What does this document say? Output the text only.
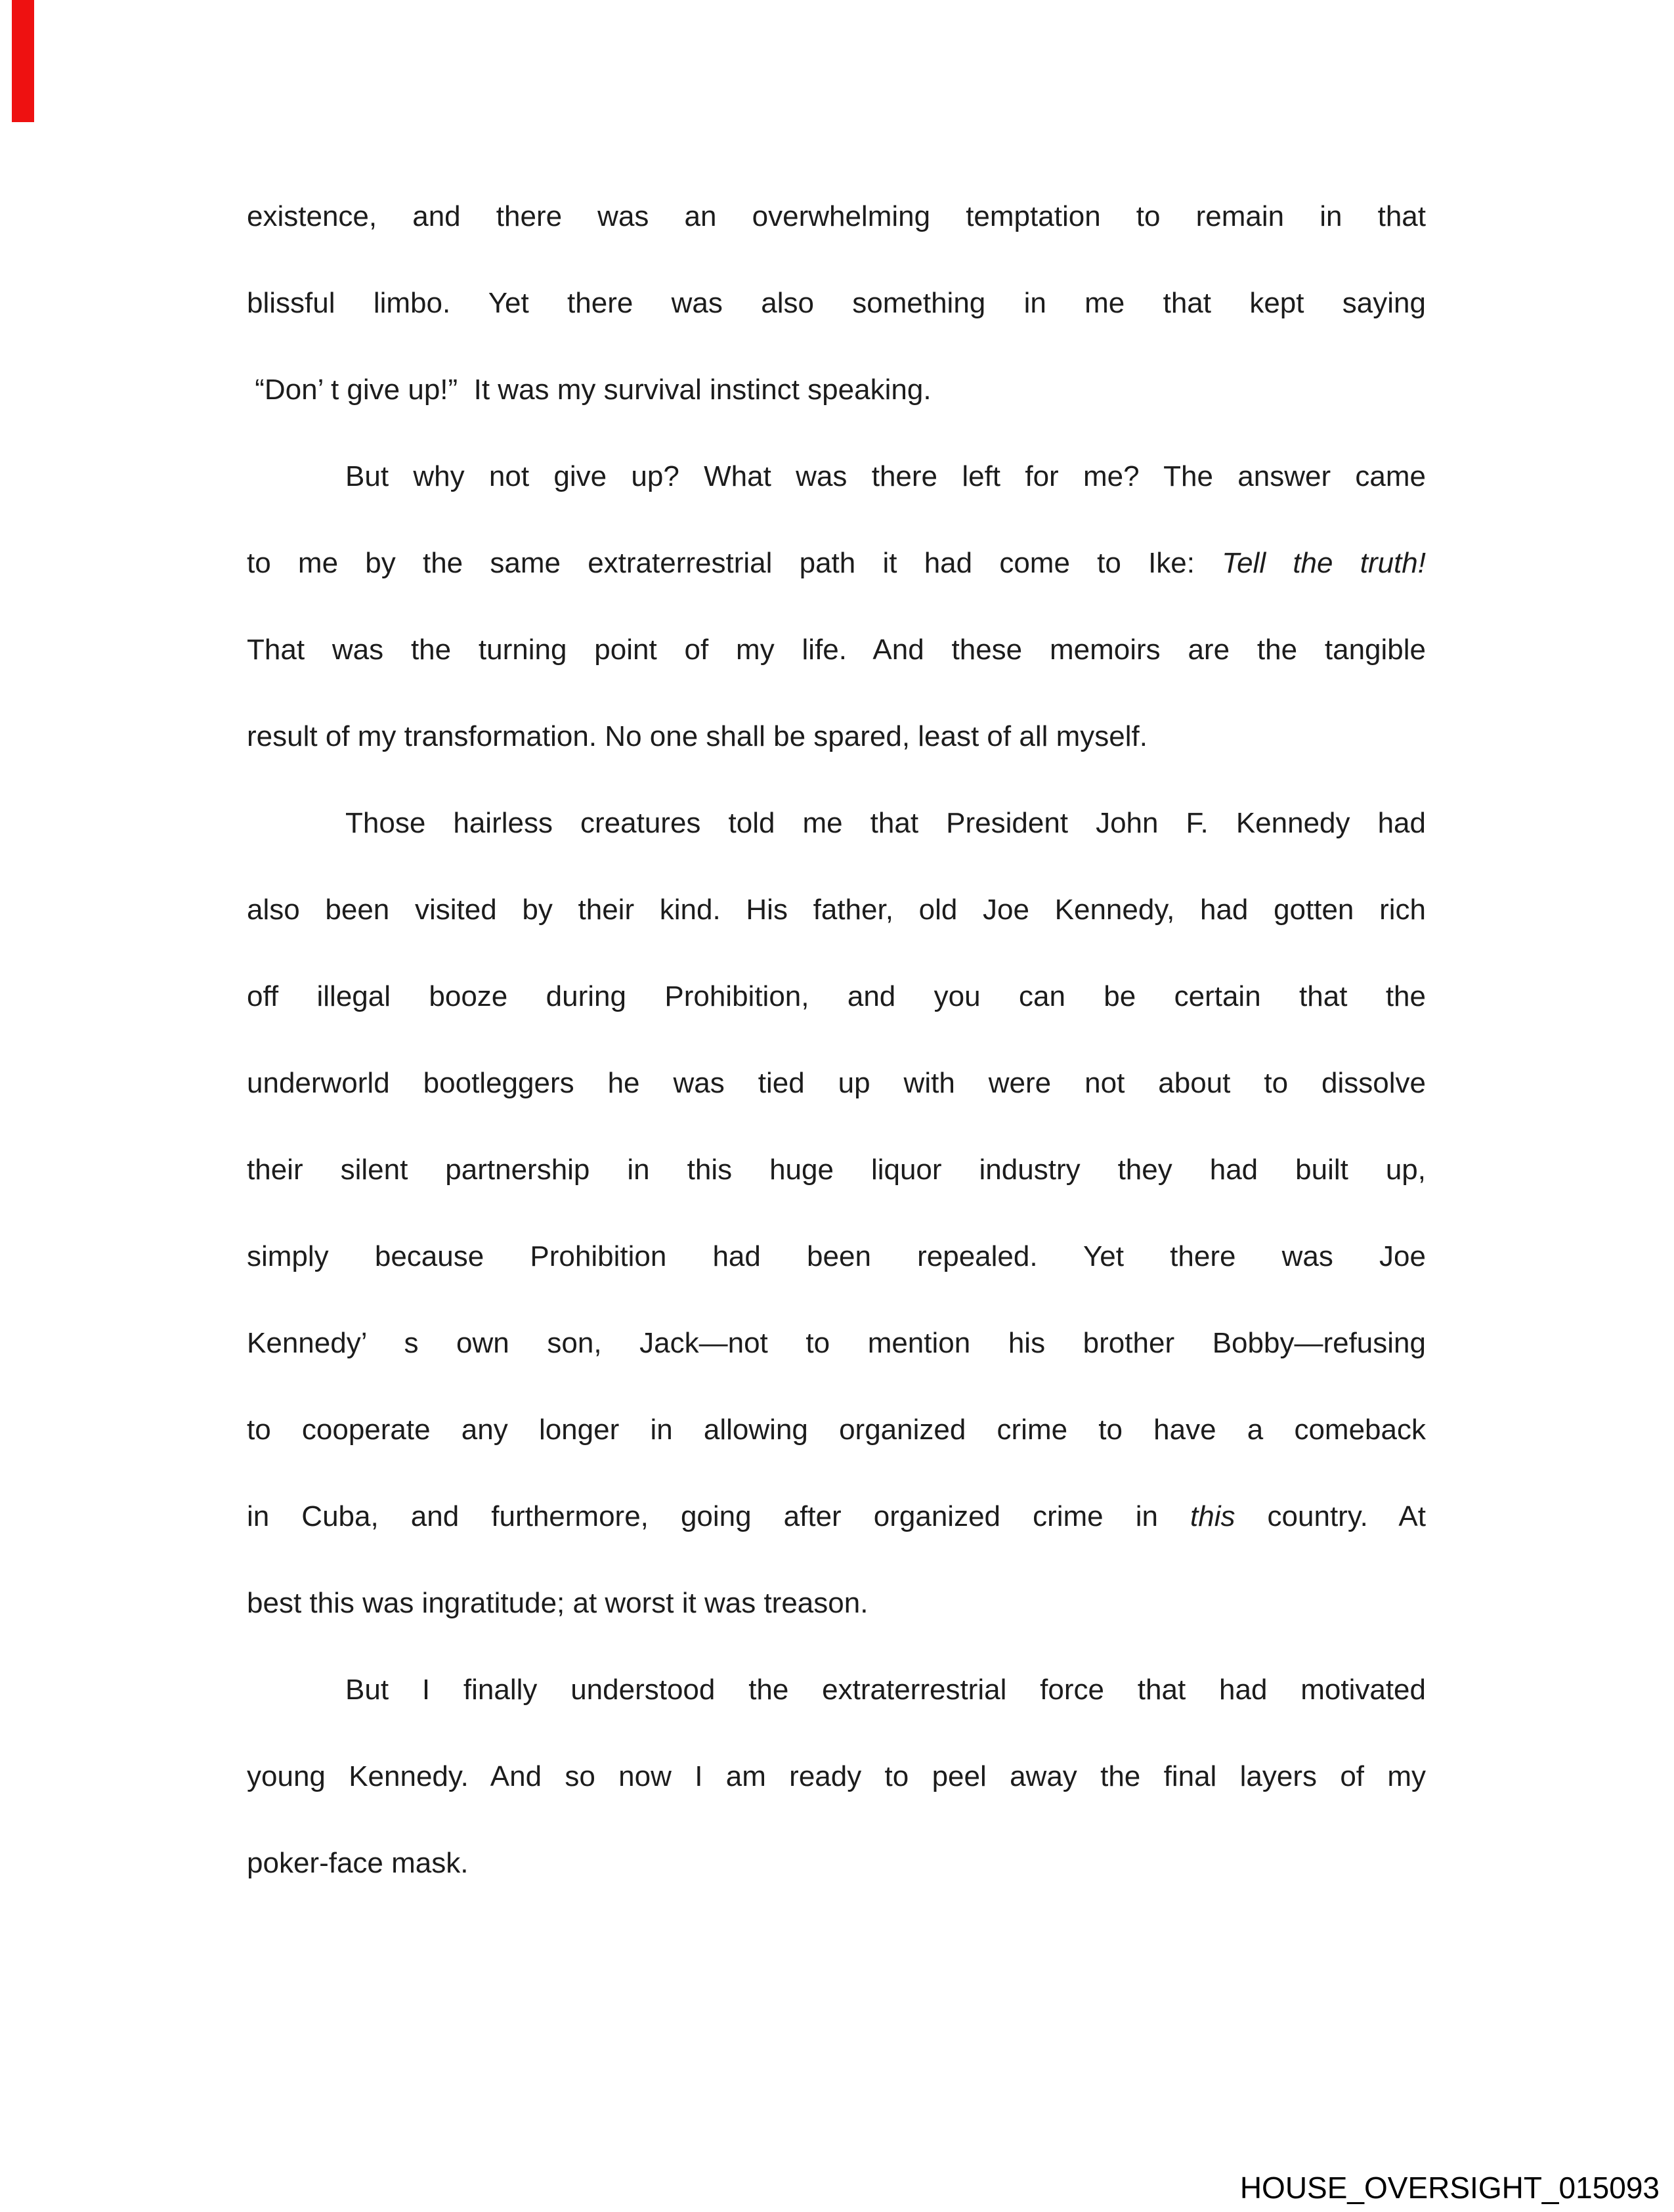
existence, and there was an overwhelming temptation to remain in that
blissful limbo. Yet there was also something in me that kept saying
“Don’ t give up!”  It was my survival instinct speaking.
But why not give up? What was there left for me? The answer came
to me by the same extraterrestrial path it had come to Ike: Tell the truth!
That was the turning point of my life. And these memoirs are the tangible
result of my transformation. No one shall be spared, least of all myself.
Those hairless creatures told me that President John F. Kennedy had
also been visited by their kind. His father, old Joe Kennedy, had gotten rich
off illegal booze during Prohibition, and you can be certain that the
underworld bootleggers he was tied up with were not about to dissolve
their silent partnership in this huge liquor industry they had built up,
simply because Prohibition had been repealed. Yet there was Joe
Kennedy’ s own son, Jack—not to mention his brother Bobby—refusing
to cooperate any longer in allowing organized crime to have a comeback
in Cuba, and furthermore, going after organized crime in this country. At
best this was ingratitude; at worst it was treason.
But I finally understood the extraterrestrial force that had motivated
young Kennedy. And so now I am ready to peel away the final layers of my
poker-face mask.
HOUSE_OVERSIGHT_015093
